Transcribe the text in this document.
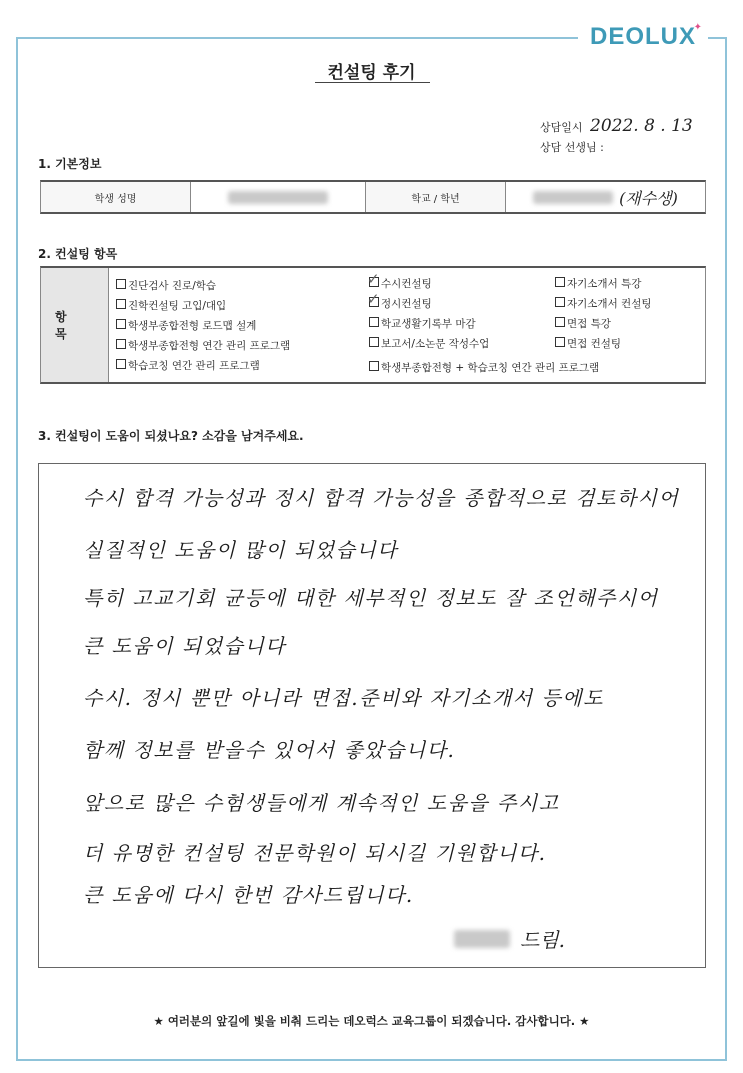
DEOLUX
✦
컨설팅 후기
상담일시 2022. 8 . 13
상담 선생님 :
1. 기본정보
학생 성명	학교 / 학년	(재수생)
2. 컨설팅 항목
항 목
진단검사 진로/학습
진학컨설팅 고입/대입
학생부종합전형 로드맵 설계
학생부종합전형 연간 관리 프로그램
학습코칭 연간 관리 프로그램
✓ 수시컨설팅
✓ 정시컨설팅
학교생활기록부 마감
보고서/소논문 작성수업
자기소개서 특강
자기소개서 컨설팅
면접 특강
면접 컨설팅
학생부종합전형 + 학습코칭 연간 관리 프로그램
3. 컨설팅이 도움이 되셨나요? 소감을 남겨주세요.
수시 합격 가능성과 정시 합격 가능성을 종합적으로 검토하시어
실질적인 도움이 많이 되었습니다
특히 고교기회 균등에 대한 세부적인 정보도 잘 조언해주시어
큰 도움이 되었습니다
수시. 정시 뿐만 아니라 면접.준비와 자기소개서 등에도
함께 정보를 받을수 있어서 좋았습니다.
앞으로 많은 수험생들에게 계속적인 도움을 주시고
더 유명한 컨설팅 전문학원이 되시길 기원합니다.
큰 도움에 다시 한번 감사드립니다.
드림.
★ 여러분의 앞길에 빛을 비춰 드리는 데오럭스 교육그룹이 되겠습니다. 감사합니다. ★
